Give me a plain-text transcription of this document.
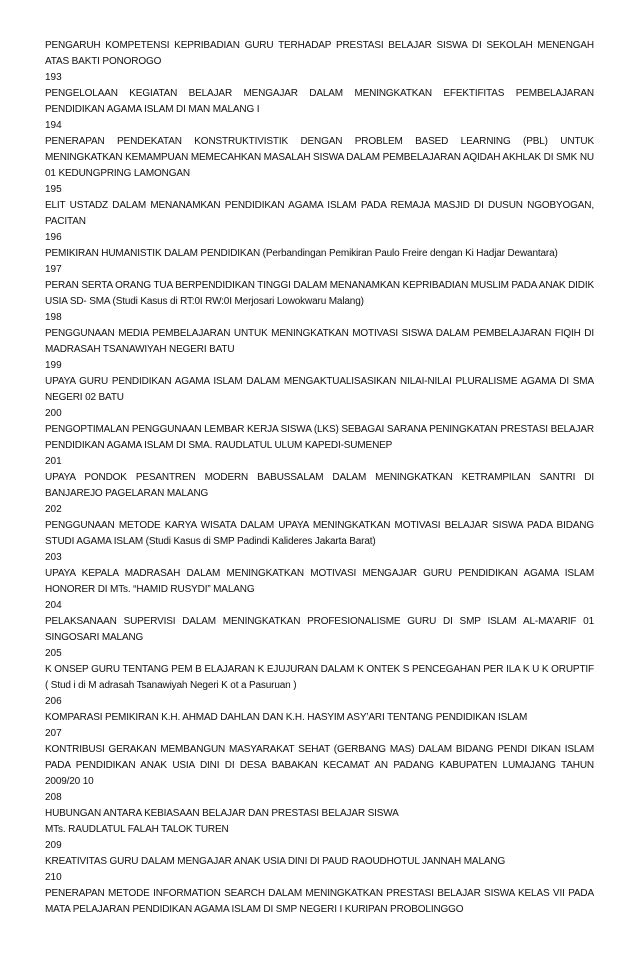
PENGARUH KOMPETENSI KEPRIBADIAN GURU TERHADAP PRESTASI BELAJAR SISWA DI SEKOLAH MENENGAH ATAS BAKTI PONOROGO

193

PENGELOLAAN KEGIATAN BELAJAR MENGAJAR DALAM MENINGKATKAN EFEKTIFITAS PEMBELAJARAN PENDIDIKAN AGAMA ISLAM DI MAN MALANG I

194

PENERAPAN PENDEKATAN KONSTRUKTIVISTIK DENGAN PROBLEM BASED LEARNING (PBL) UNTUK MENINGKATKAN KEMAMPUAN MEMECAHKAN MASALAH SISWA DALAM PEMBELAJARAN AQIDAH AKHLAK DI SMK NU 01 KEDUNGPRING LAMONGAN

195

ELIT USTADZ DALAM MENANAMKAN PENDIDIKAN AGAMA ISLAM PADA REMAJA MASJID DI DUSUN NGOBYOGAN, PACITAN

196

PEMIKIRAN HUMANISTIK DALAM PENDIDIKAN (Perbandingan Pemikiran Paulo Freire dengan Ki Hadjar Dewantara)

197

PERAN SERTA ORANG TUA BERPENDIDIKAN TINGGI DALAM MENANAMKAN KEPRIBADIAN MUSLIM PADA ANAK DIDIK USIA SD- SMA (Studi Kasus di RT:0I RW:0I Merjosari Lowokwaru Malang)

198

PENGGUNAAN MEDIA PEMBELAJARAN UNTUK MENINGKATKAN MOTIVASI SISWA DALAM PEMBELAJARAN FIQIH DI MADRASAH TSANAWIYAH NEGERI BATU

199

UPAYA GURU PENDIDIKAN AGAMA ISLAM DALAM MENGAKTUALISASIKAN NILAI-NILAI PLURALISME AGAMA DI SMA NEGERI 02 BATU

200

PENGOPTIMALAN PENGGUNAAN LEMBAR KERJA SISWA (LKS) SEBAGAI SARANA PENINGKATAN PRESTASI BELAJAR PENDIDIKAN AGAMA ISLAM DI SMA. RAUDLATUL ULUM KAPEDI-SUMENEP

201

UPAYA PONDOK PESANTREN MODERN BABUSSALAM DALAM MENINGKATKAN KETRAMPILAN SANTRI DI BANJAREJO PAGELARAN MALANG

202

PENGGUNAAN METODE KARYA WISATA DALAM UPAYA MENINGKATKAN MOTIVASI BELAJAR SISWA PADA BIDANG STUDI AGAMA ISLAM (Studi Kasus di SMP Padindi Kalideres Jakarta Barat)

203

UPAYA KEPALA MADRASAH DALAM MENINGKATKAN MOTIVASI MENGAJAR GURU PENDIDIKAN AGAMA ISLAM HONORER DI MTs. “HAMID RUSYDI” MALANG

204

PELAKSANAAN SUPERVISI DALAM MENINGKATKAN PROFESIONALISME GURU DI SMP ISLAM AL-MA’ARIF 01 SINGOSARI MALANG

205

K ONSEP GURU TENTANG PEM B ELAJARAN K EJUJURAN DALAM K ONTEK S PENCEGAHAN PER ILA K U K ORUPTIF ( Stud i di M adrasah Tsanawiyah Negeri K ot a Pasuruan )

206

KOMPARASI PEMIKIRAN K.H. AHMAD DAHLAN DAN K.H. HASYIM ASY’ARI TENTANG PENDIDIKAN ISLAM

207

KONTRIBUSI GERAKAN MEMBANGUN MASYARAKAT SEHAT (GERBANG MAS) DALAM BIDANG PENDI DIKAN ISLAM PADA PENDIDIKAN ANAK USIA DINI DI DESA BABAKAN KECAMAT AN PADANG KABUPATEN LUMAJANG TAHUN 2009/20 10

208

HUBUNGAN ANTARA KEBIASAAN BELAJAR DAN PRESTASI BELAJAR SISWA

MTs. RAUDLATUL FALAH TALOK TUREN

209

KREATIVITAS GURU DALAM MENGAJAR ANAK USIA DINI DI PAUD RAOUDHOTUL JANNAH MALANG

210

PENERAPAN METODE INFORMATION SEARCH DALAM MENINGKATKAN PRESTASI BELAJAR SISWA KELAS VII PADA MATA PELAJARAN PENDIDIKAN AGAMA ISLAM DI SMP NEGERI I KURIPAN PROBOLINGGO
